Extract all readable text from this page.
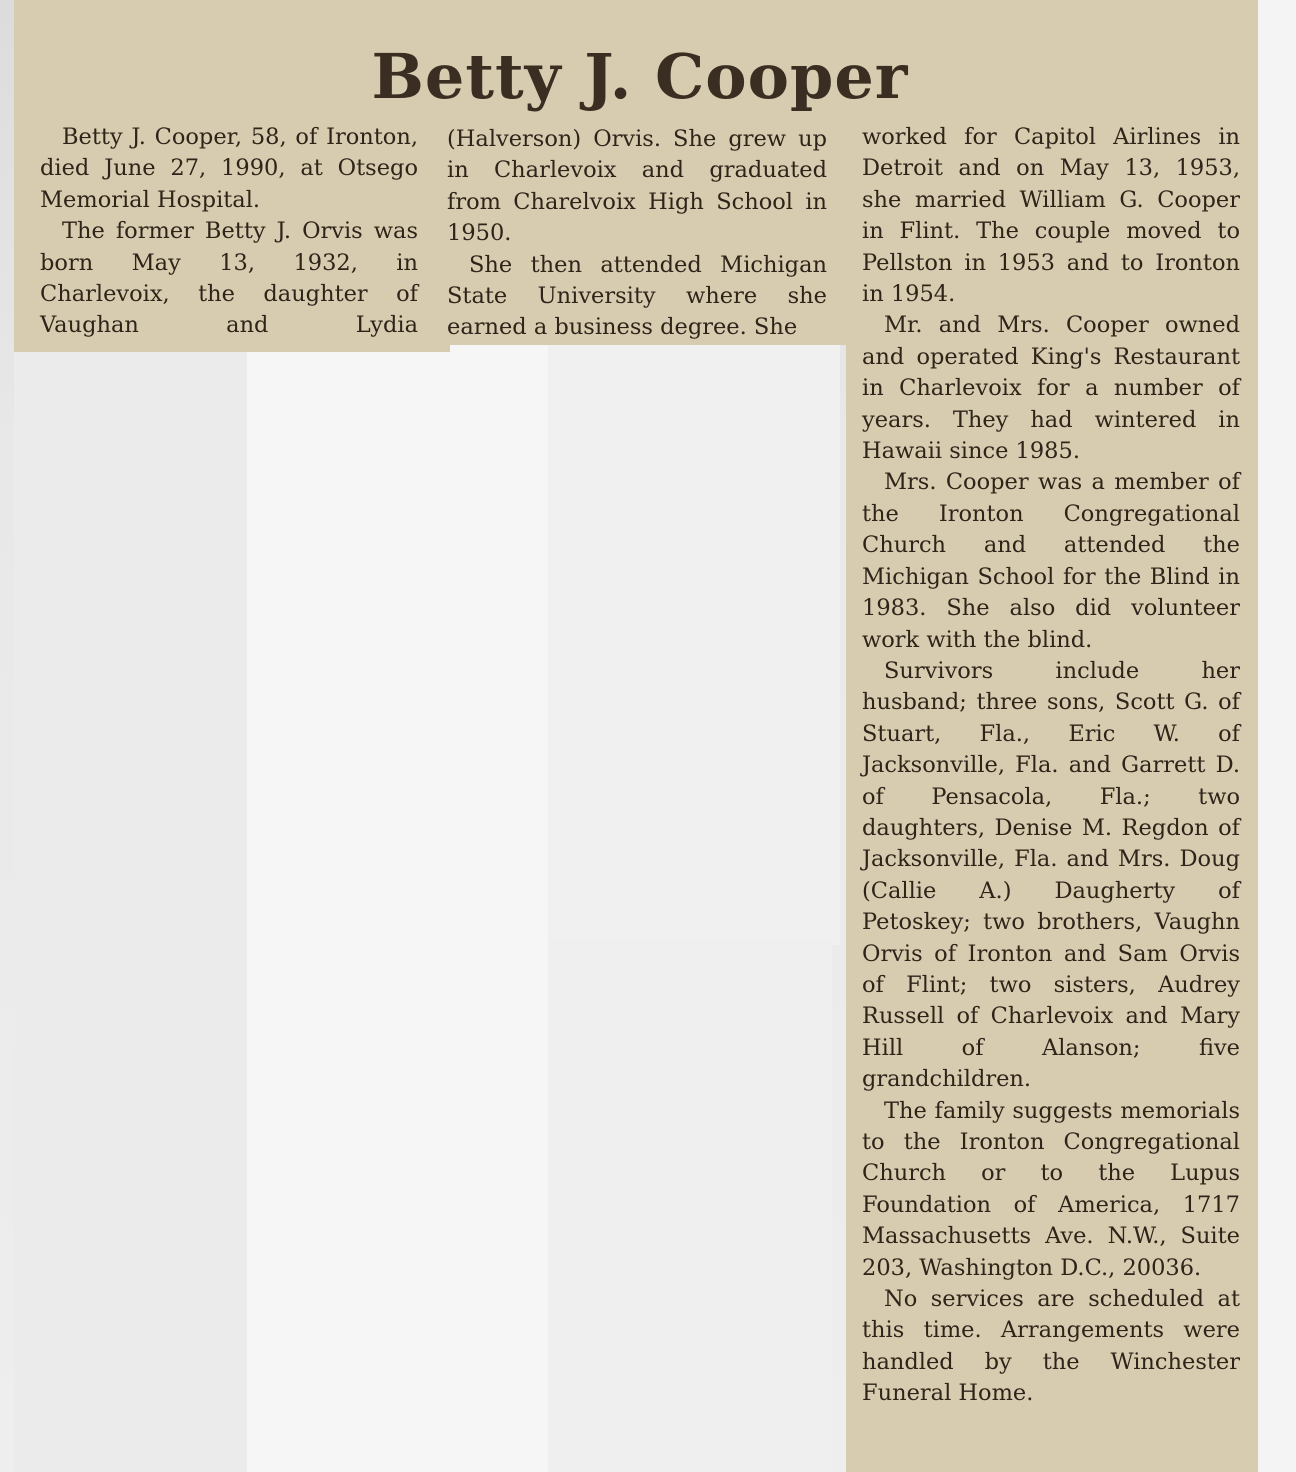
Betty J. Cooper

Betty J. Cooper, 58, of Ironton, died June 27, 1990, at Otsego Memorial Hospital.

The former Betty J. Orvis was born May 13, 1932, in Charlevoix, the daughter of Vaughan and Lydia

(Halverson) Orvis. She grew up in Charlevoix and graduated from Charelvoix High School in 1950.

She then attended Michigan State University where she earned a business degree. She

worked for Capitol Airlines in Detroit and on May 13, 1953, she married William G. Cooper in Flint. The couple moved to Pellston in 1953 and to Ironton in 1954.

Mr. and Mrs. Cooper owned and operated King's Restaurant in Charlevoix for a number of years. They had wintered in Hawaii since 1985.

Mrs. Cooper was a member of the Ironton Congregational Church and attended the Michigan School for the Blind in 1983. She also did volunteer work with the blind.

Survivors include her husband; three sons, Scott G. of Stuart, Fla., Eric W. of Jacksonville, Fla. and Garrett D. of Pensacola, Fla.; two daughters, Denise M. Regdon of Jacksonville, Fla. and Mrs. Doug (Callie A.) Daugherty of Petoskey; two brothers, Vaughn Orvis of Ironton and Sam Orvis of Flint; two sisters, Audrey Russell of Charlevoix and Mary Hill of Alanson; five grandchildren.

The family suggests memorials to the Ironton Congregational Church or to the Lupus Foundation of America, 1717 Massachusetts Ave. N.W., Suite 203, Washington D.C., 20036.

No services are scheduled at this time. Arrangements were handled by the Winchester Funeral Home.
